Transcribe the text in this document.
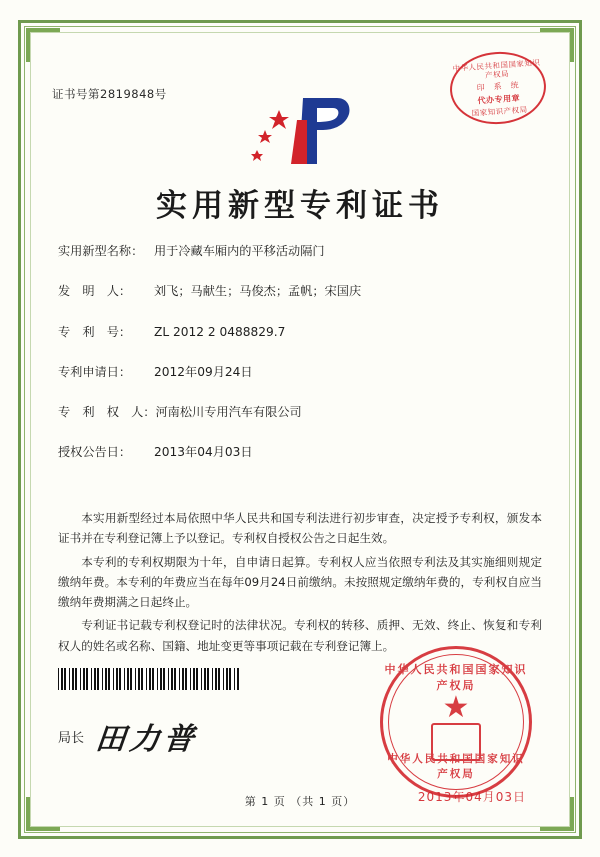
证书号第2819848号
中华人民共和国国家知识产权局
印　系　统
代办专用章
国家知识产权局
实用新型专利证书
实用新型名称： 用于冷藏车厢内的平移活动隔门
发　明　人： 刘飞；马献生；马俊杰；孟帆；宋国庆
专　利　号： ZL 2012 2 0488829.7
专利申请日： 2012年09月24日
专　利　权　人：河南松川专用汽车有限公司
授权公告日： 2013年04月03日

本实用新型经过本局依照中华人民共和国专利法进行初步审查，决定授予专利权，颁发本证书并在专利登记簿上予以登记。专利权自授权公告之日起生效。

本专利的专利权期限为十年，自申请日起算。专利权人应当依照专利法及其实施细则规定缴纳年费。本专利的年费应当在每年09月24日前缴纳。未按照规定缴纳年费的，专利权自应当缴纳年费期满之日起终止。

专利证书记载专利权登记时的法律状况。专利权的转移、质押、无效、终止、恢复和专利权人的姓名或名称、国籍、地址变更等事项记载在专利登记簿上。

局长 田力普
中华人民共和国国家知识产权局
★
中华人民共和国国家知识产权局
2013年04月03日
第 1 页 （共 1 页）
